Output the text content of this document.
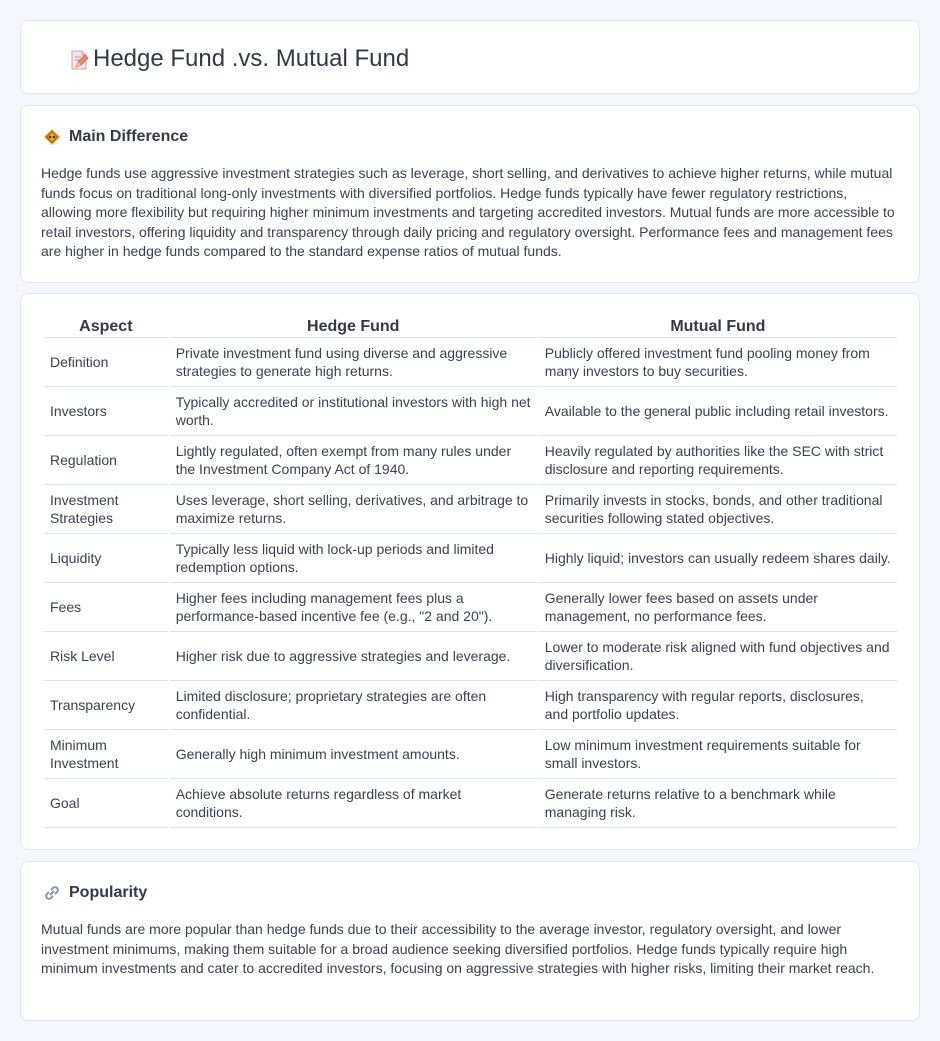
Hedge Fund .vs. Mutual Fund
Main Difference

Hedge funds use aggressive investment strategies such as leverage, short selling, and derivatives to achieve higher returns, while mutual funds focus on traditional long-only investments with diversified portfolios. Hedge funds typically have fewer regulatory restrictions, allowing more flexibility but requiring higher minimum investments and targeting accredited investors. Mutual funds are more accessible to retail investors, offering liquidity and transparency through daily pricing and regulatory oversight. Performance fees and management fees are higher in hedge funds compared to the standard expense ratios of mutual funds.

Aspect	Hedge Fund	Mutual Fund
Definition	Private investment fund using diverse and aggressive strategies to generate high returns.	Publicly offered investment fund pooling money from many investors to buy securities.
Investors	Typically accredited or institutional investors with high net worth.	Available to the general public including retail investors.
Regulation	Lightly regulated, often exempt from many rules under the Investment Company Act of 1940.	Heavily regulated by authorities like the SEC with strict disclosure and reporting requirements.
Investment Strategies	Uses leverage, short selling, derivatives, and arbitrage to maximize returns.	Primarily invests in stocks, bonds, and other traditional securities following stated objectives.
Liquidity	Typically less liquid with lock-up periods and limited redemption options.	Highly liquid; investors can usually redeem shares daily.
Fees	Higher fees including management fees plus a performance-based incentive fee (e.g., "2 and 20").	Generally lower fees based on assets under management, no performance fees.
Risk Level	Higher risk due to aggressive strategies and leverage.	Lower to moderate risk aligned with fund objectives and diversification.
Transparency	Limited disclosure; proprietary strategies are often confidential.	High transparency with regular reports, disclosures, and portfolio updates.
Minimum Investment	Generally high minimum investment amounts.	Low minimum investment requirements suitable for small investors.
Goal	Achieve absolute returns regardless of market conditions.	Generate returns relative to a benchmark while managing risk.
Popularity

Mutual funds are more popular than hedge funds due to their accessibility to the average investor, regulatory oversight, and lower investment minimums, making them suitable for a broad audience seeking diversified portfolios. Hedge funds typically require high minimum investments and cater to accredited investors, focusing on aggressive strategies with higher risks, limiting their market reach.
